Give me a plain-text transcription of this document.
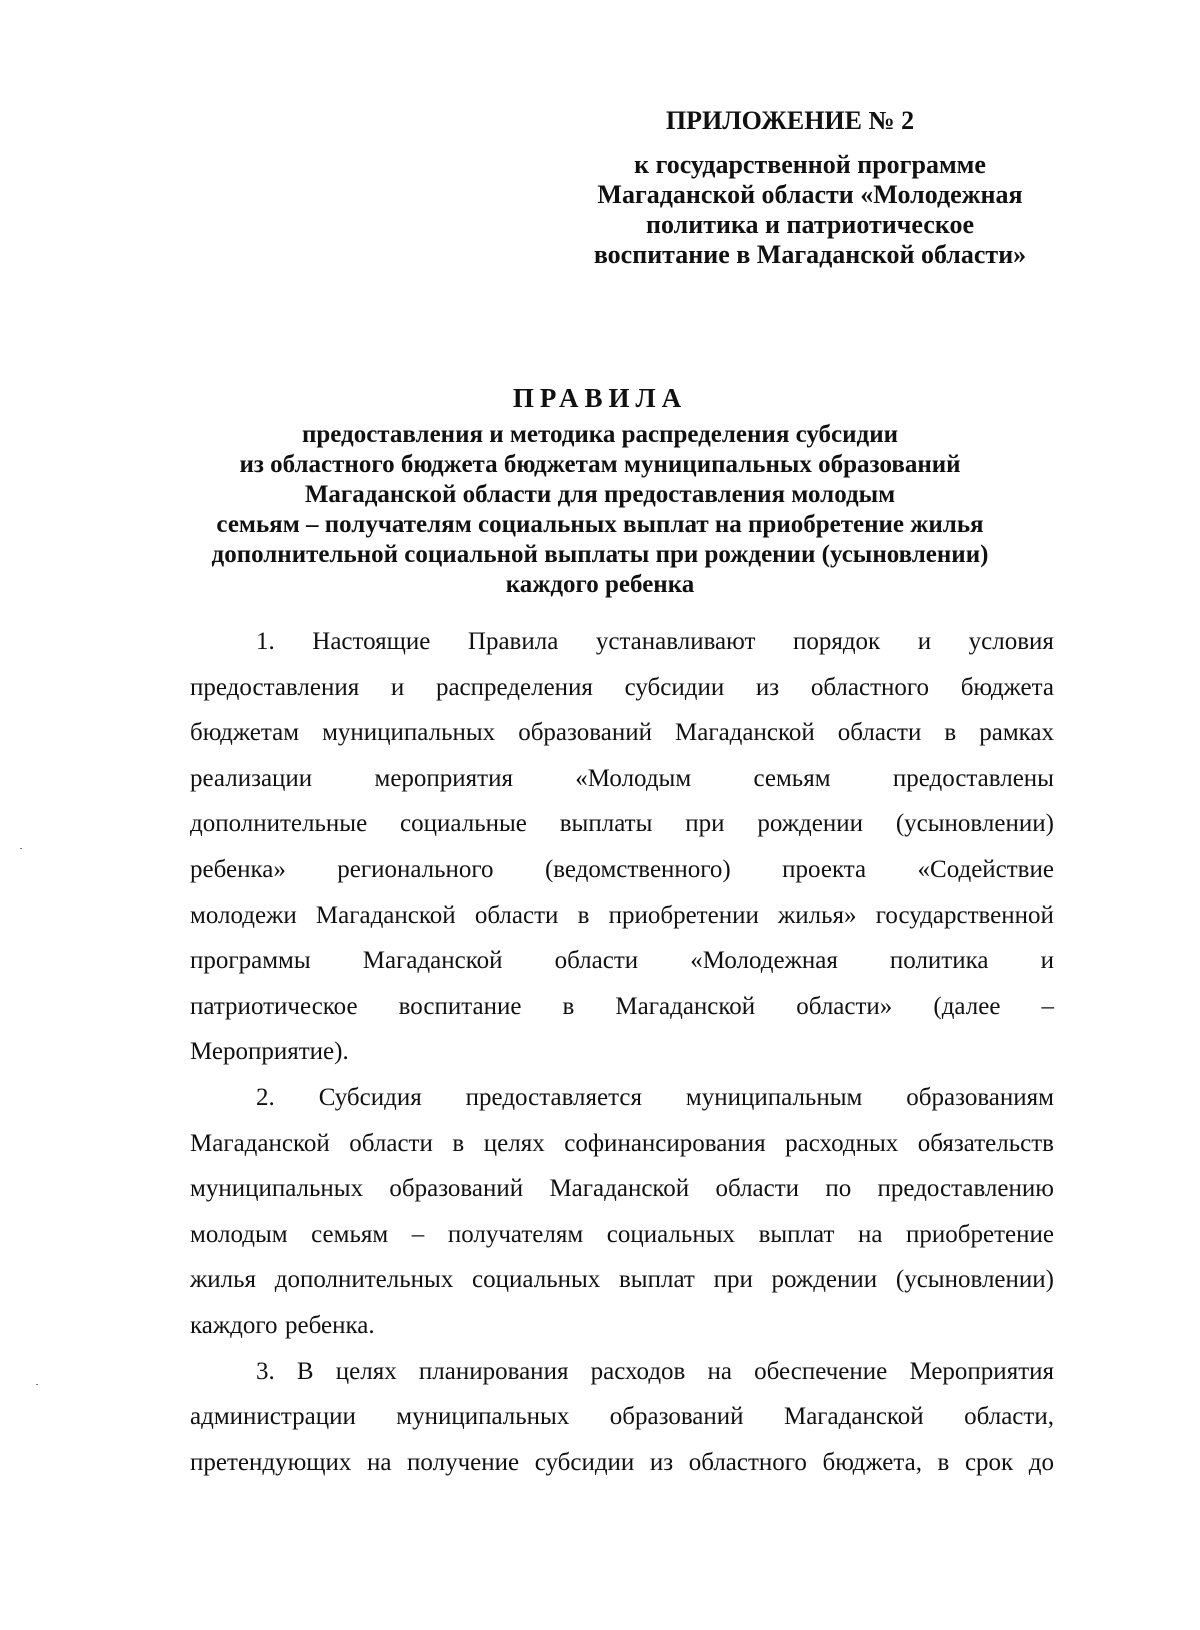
ПРИЛОЖЕНИЕ № 2
к государственной программе
Магаданской области «Молодежная
политика и патриотическое
воспитание в Магаданской области»
ПРАВИЛА
предоставления и методика распределения субсидии
из областного бюджета бюджетам муниципальных образований
Магаданской области для предоставления молодым
семьям – получателям социальных выплат на приобретение жилья
дополнительной социальной выплаты при рождении (усыновлении)
каждого ребенка
1. Настоящие Правила устанавливают порядок и условия
предоставления и распределения субсидии из областного бюджета
бюджетам муниципальных образований Магаданской области в рамках
реализации мероприятия «Молодым семьям предоставлены
дополнительные социальные выплаты при рождении (усыновлении)
ребенка» регионального (ведомственного) проекта «Содействие
молодежи Магаданской области в приобретении жилья» государственной
программы Магаданской области «Молодежная политика и
патриотическое воспитание в Магаданской области» (далее –
Мероприятие).
2. Субсидия предоставляется муниципальным образованиям
Магаданской области в целях софинансирования расходных обязательств
муниципальных образований Магаданской области по предоставлению
молодым семьям – получателям социальных выплат на приобретение
жилья дополнительных социальных выплат при рождении (усыновлении)
каждого ребенка.
3. В целях планирования расходов на обеспечение Мероприятия
администрации муниципальных образований Магаданской области,
претендующих на получение субсидии из областного бюджета, в срок до
